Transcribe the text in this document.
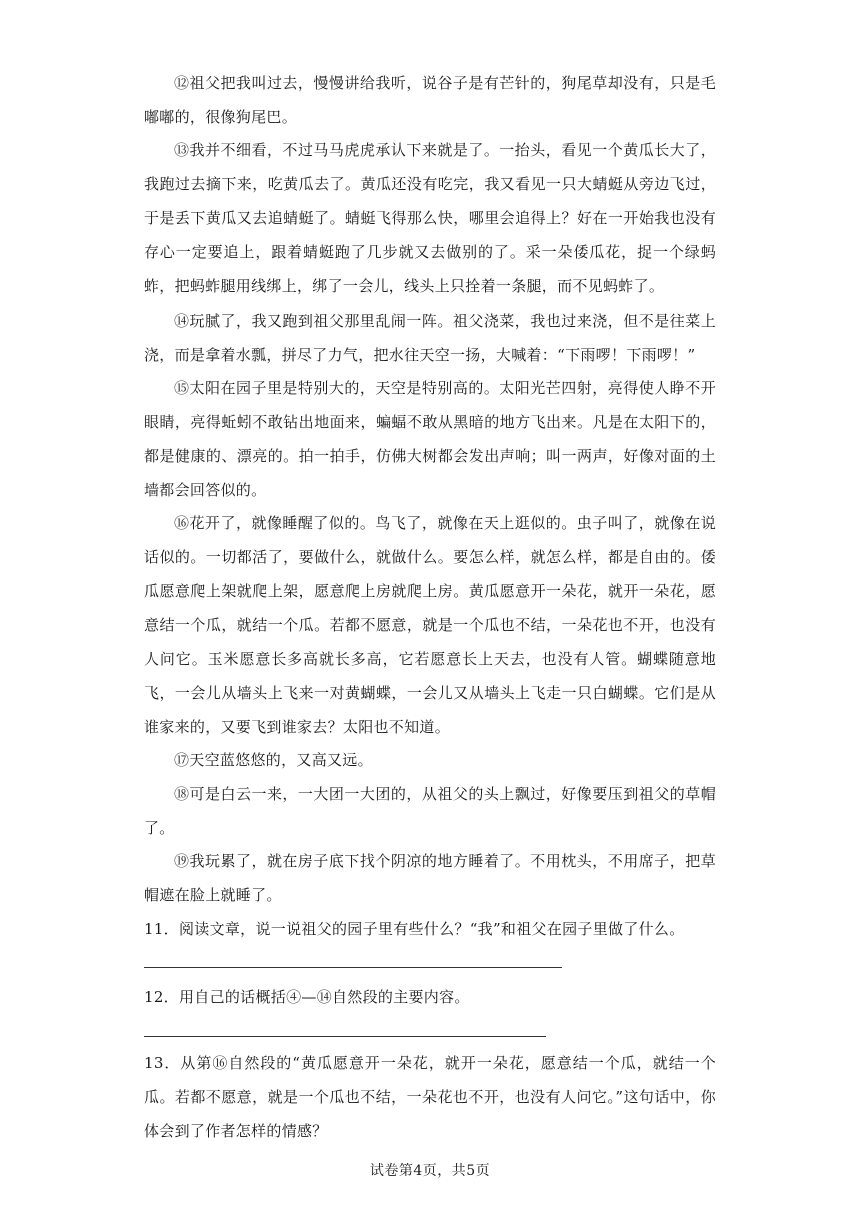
⑫祖父把我叫过去，慢慢讲给我听，说谷子是有芒针的，狗尾草却没有，只是毛嘟嘟的，很像狗尾巴。

⑬我并不细看，不过马马虎虎承认下来就是了。一抬头，看见一个黄瓜长大了，我跑过去摘下来，吃黄瓜去了。黄瓜还没有吃完，我又看见一只大蜻蜓从旁边飞过，于是丢下黄瓜又去追蜻蜓了。蜻蜓飞得那么快，哪里会追得上？好在一开始我也没有存心一定要追上，跟着蜻蜓跑了几步就又去做别的了。采一朵倭瓜花，捉一个绿蚂蚱，把蚂蚱腿用线绑上，绑了一会儿，线头上只拴着一条腿，而不见蚂蚱了。

⑭玩腻了，我又跑到祖父那里乱闹一阵。祖父浇菜，我也过来浇，但不是往菜上浇，而是拿着水瓢，拼尽了力气，把水往天空一扬，大喊着：“下雨啰！下雨啰！”

⑮太阳在园子里是特别大的，天空是特别高的。太阳光芒四射，亮得使人睁不开眼睛，亮得蚯蚓不敢钻出地面来，蝙蝠不敢从黑暗的地方飞出来。凡是在太阳下的，都是健康的、漂亮的。拍一拍手，仿佛大树都会发出声响；叫一两声，好像对面的土墙都会回答似的。

⑯花开了，就像睡醒了似的。鸟飞了，就像在天上逛似的。虫子叫了，就像在说话似的。一切都活了，要做什么，就做什么。要怎么样，就怎么样，都是自由的。倭瓜愿意爬上架就爬上架，愿意爬上房就爬上房。黄瓜愿意开一朵花，就开一朵花，愿意结一个瓜，就结一个瓜。若都不愿意，就是一个瓜也不结，一朵花也不开，也没有人问它。玉米愿意长多高就长多高，它若愿意长上天去，也没有人管。蝴蝶随意地飞，一会儿从墙头上飞来一对黄蝴蝶，一会儿又从墙头上飞走一只白蝴蝶。它们是从谁家来的，又要飞到谁家去？太阳也不知道。

⑰天空蓝悠悠的，又高又远。

⑱可是白云一来，一大团一大团的，从祖父的头上飘过，好像要压到祖父的草帽了。

⑲我玩累了，就在房子底下找个阴凉的地方睡着了。不用枕头，不用席子，把草帽遮在脸上就睡了。

11．阅读文章，说一说祖父的园子里有些什么？“我”和祖父在园子里做了什么。

12．用自己的话概括④—⑭自然段的主要内容。

13．从第⑯自然段的“黄瓜愿意开一朵花，就开一朵花，愿意结一个瓜，就结一个瓜。若都不愿意，就是一个瓜也不结，一朵花也不开，也没有人问它。”这句话中，你体会到了作者怎样的情感？

试卷第4页，共5页
